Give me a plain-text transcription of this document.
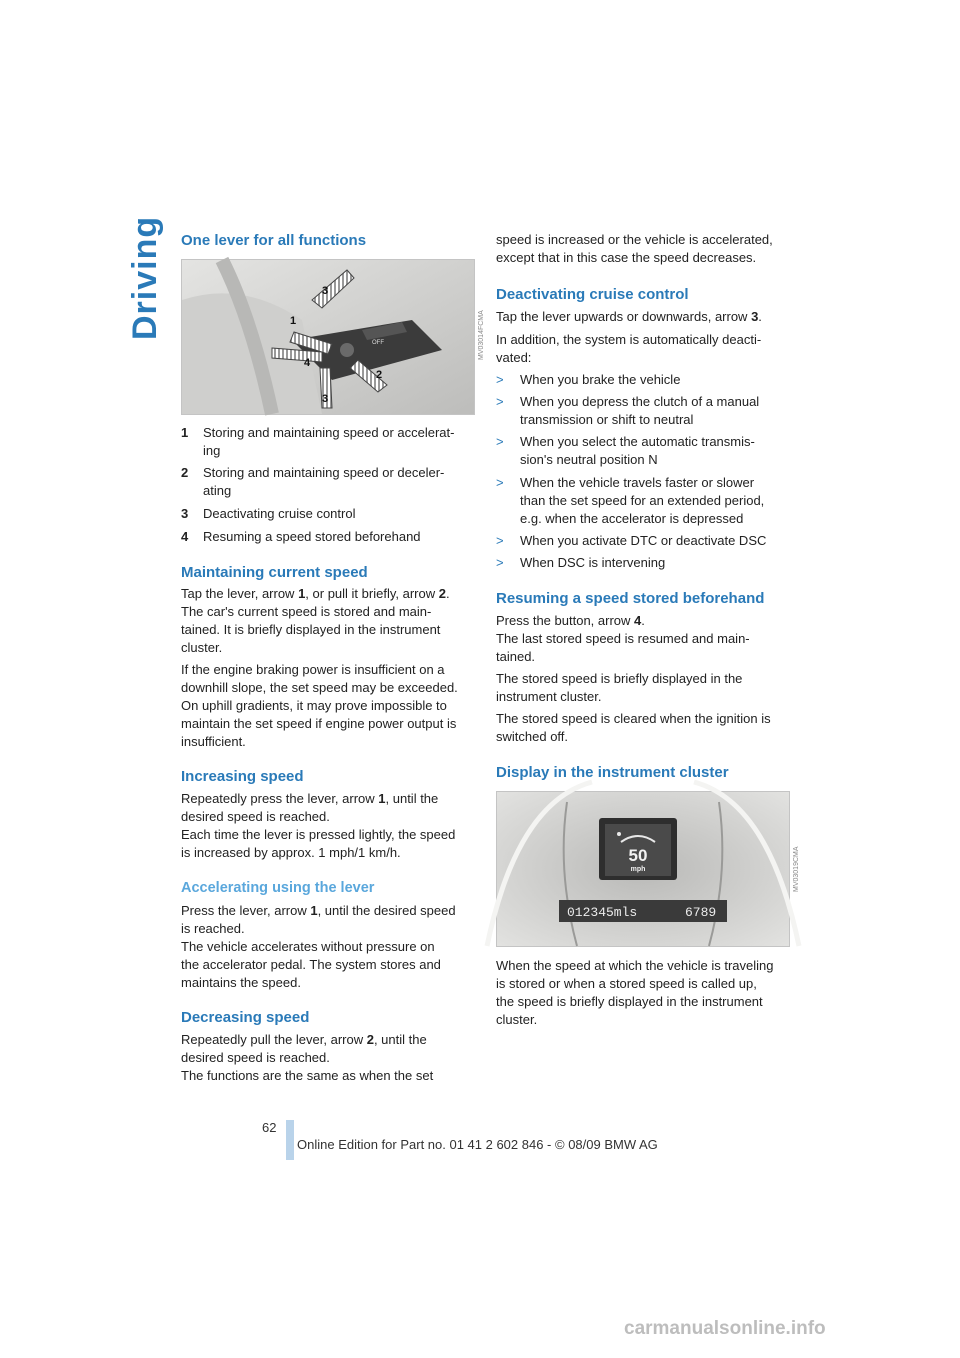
Driving One lever for all functions
OFF
3
1
4
2
3
MV03014FCMA
1 Storing and maintaining speed or accelerat-
ing
2 Storing and maintaining speed or deceler-
ating
3 Deactivating cruise control
4 Resuming a speed stored beforehand
Maintaining current speed

Tap the lever, arrow 1, or pull it briefly, arrow 2.
The car's current speed is stored and main-
tained. It is briefly displayed in the instrument
cluster.

If the engine braking power is insufficient on a
downhill slope, the set speed may be exceeded.
On uphill gradients, it may prove impossible to
maintain the set speed if engine power output is
insufficient.

Increasing speed

Repeatedly press the lever, arrow 1, until the
desired speed is reached.
Each time the lever is pressed lightly, the speed
is increased by approx. 1 mph/1 km/h.

Accelerating using the lever

Press the lever, arrow 1, until the desired speed
is reached.
The vehicle accelerates without pressure on
the accelerator pedal. The system stores and
maintains the speed.

Decreasing speed

Repeatedly pull the lever, arrow 2, until the
desired speed is reached.
The functions are the same as when the set

speed is increased or the vehicle is accelerated,
except that in this case the speed decreases.

Deactivating cruise control

Tap the lever upwards or downwards, arrow 3.

In addition, the system is automatically deacti-
vated:

> When you brake the vehicle
> When you depress the clutch of a manual
transmission or shift to neutral
> When you select the automatic transmis-
sion's neutral position N
> When the vehicle travels faster or slower
than the set speed for an extended period,
e.g. when the accelerator is depressed
> When you activate DTC or deactivate DSC
> When DSC is intervening
Resuming a speed stored beforehand

Press the button, arrow 4.
The last stored speed is resumed and main-
tained.

The stored speed is briefly displayed in the
instrument cluster.

The stored speed is cleared when the ignition is
switched off.

Display in the instrument cluster
50
mph
012345mls	6789
MV03019CMA

When the speed at which the vehicle is traveling
is stored or when a stored speed is called up,
the speed is briefly displayed in the instrument
cluster.

62
Online Edition for Part no. 01 41 2 602 846 - © 08/09 BMW AG
carmanualsonline.info
